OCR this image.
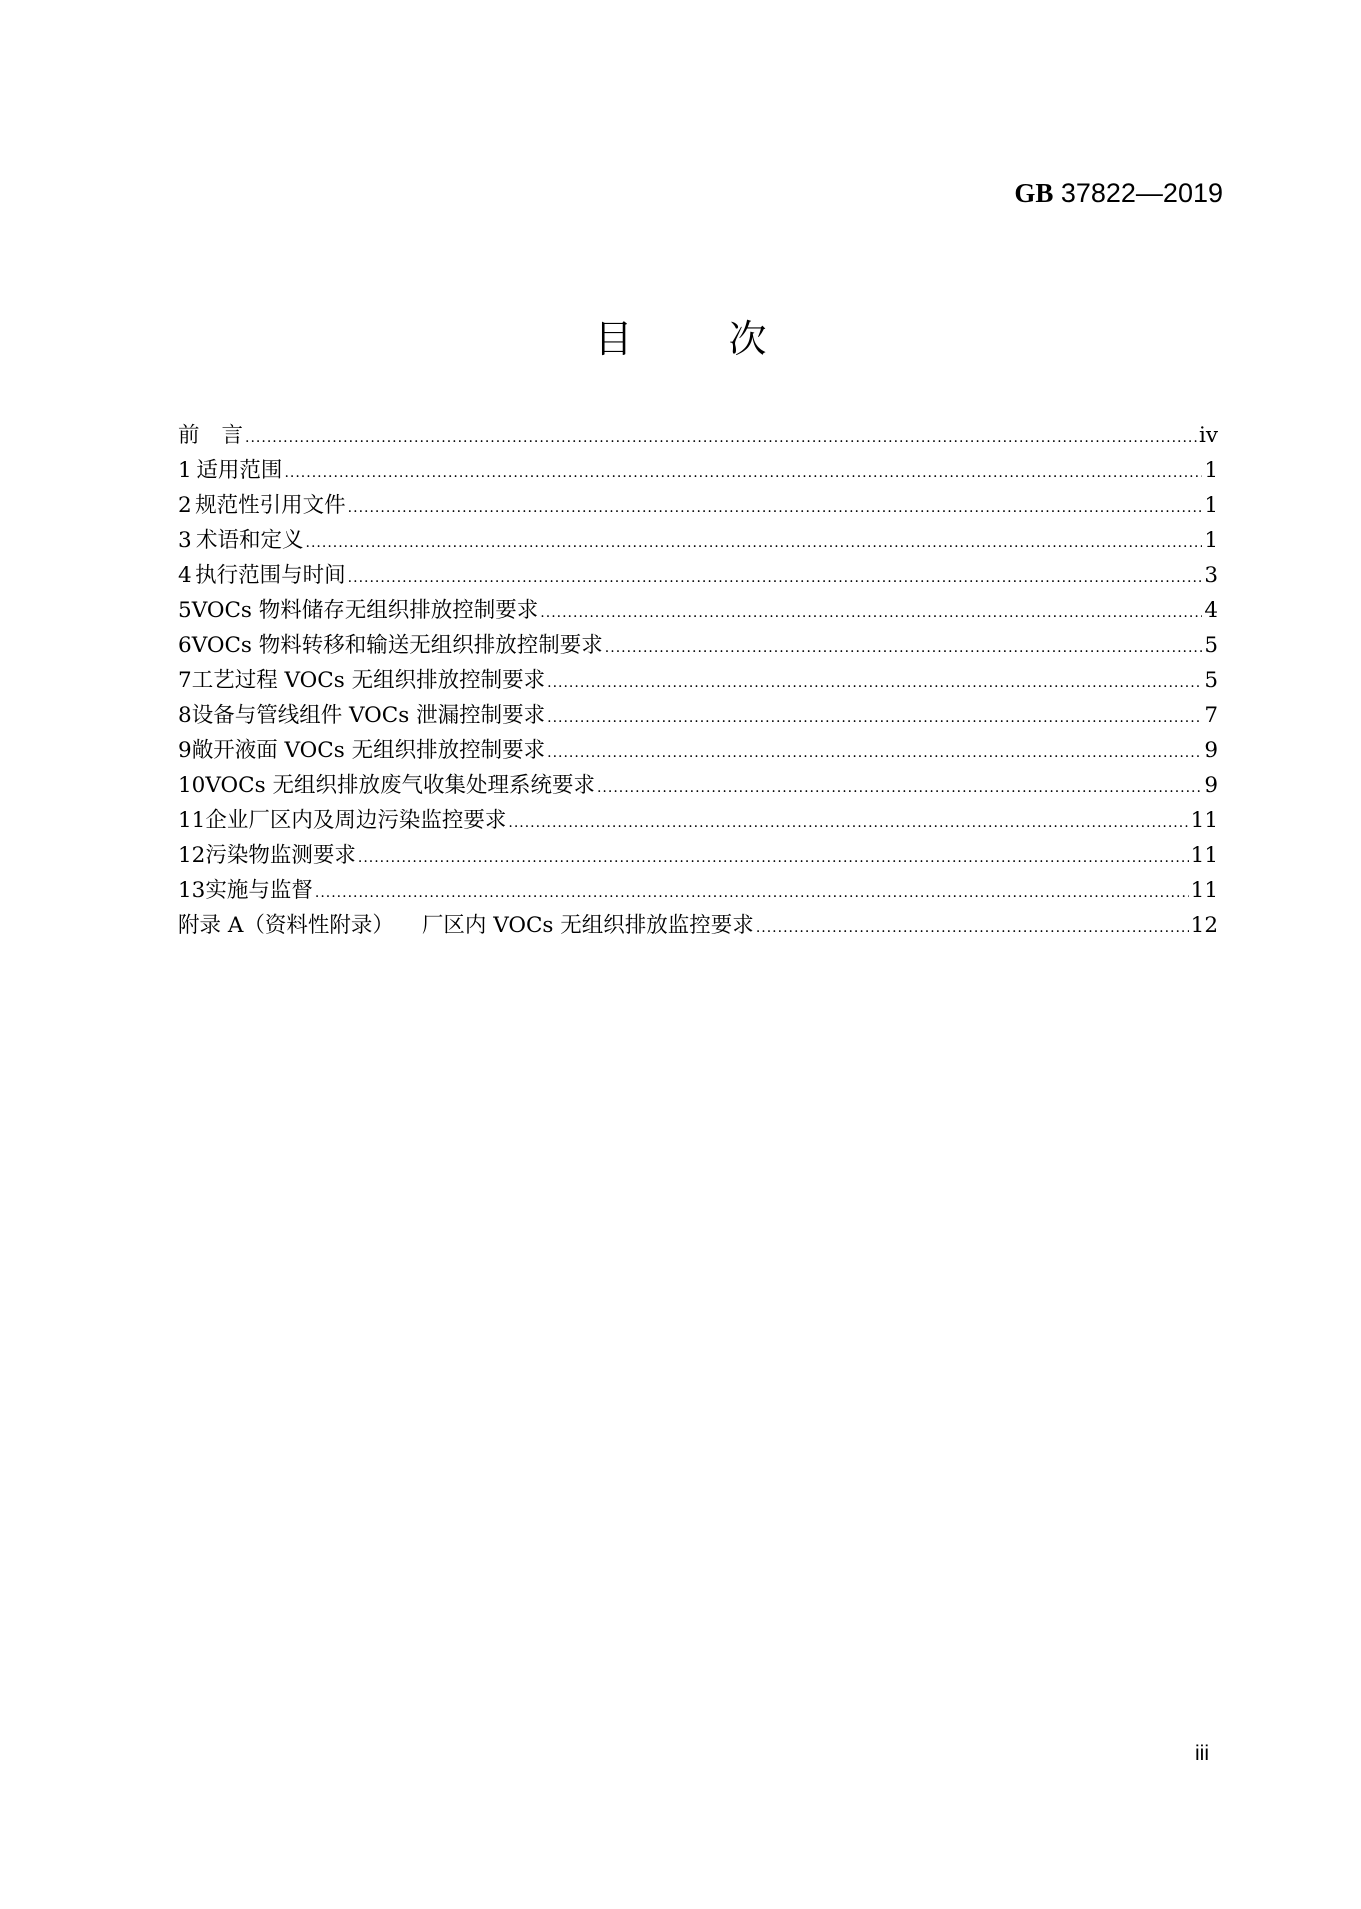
GB 37822—2019
目	次
前 言 .....	iv
1 适用范围 .....	1
2 规范性引用文件 .....	1
3 术语和定义 .....	1
4 执行范围与时间 .....	3
5 VOCs 物料储存无组织排放控制要求 .....	4
6 VOCs 物料转移和输送无组织排放控制要求 .....	5
7 工艺过程 VOCs 无组织排放控制要求 .....	5
8 设备与管线组件 VOCs 泄漏控制要求 .....	7
9 敞开液面 VOCs 无组织排放控制要求 .....	9
10 VOCs 无组织排放废气收集处理系统要求 .....	9
11 企业厂区内及周边污染监控要求 .....	11
12 污染物监测要求 .....	11
13 实施与监督 .....	11
附录 A（资料性附录） 厂区内 VOCs 无组织排放监控要求 .....	12
iii
